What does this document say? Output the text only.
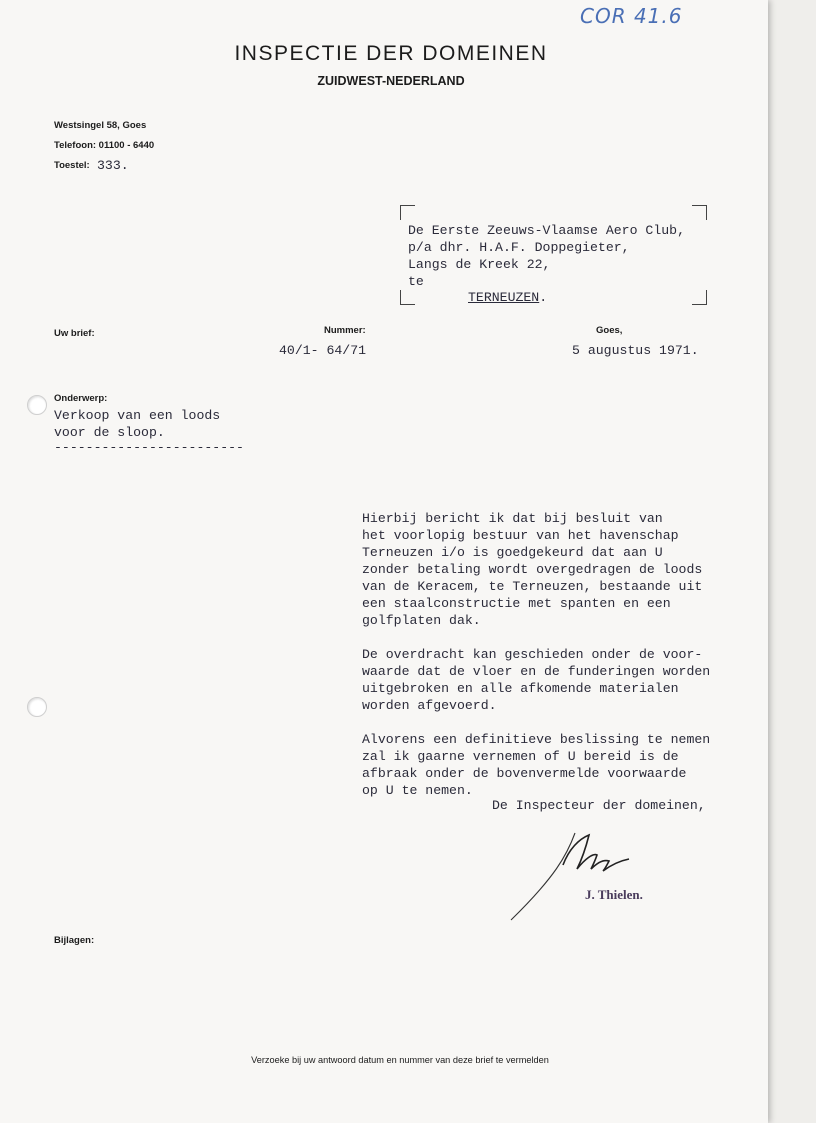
COR 41.6
INSPECTIE DER DOMEINEN
ZUIDWEST-NEDERLAND
Westsingel 58, Goes
Telefoon: 01100 - 6440
Toestel: 333.
De Eerste Zeeuws-Vlaamse Aero Club,
p/a dhr. H.A.F. Doppegieter,
Langs de Kreek 22,
te
TERNEUZEN.
Uw brief:	Nummer:
40/1- 64/71
Goes,
5 augustus 1971.
Onderwerp:
Verkoop van een loods
voor de sloop.
------------------------
Hierbij bericht ik dat bij besluit van
het voorlopig bestuur van het havenschap
Terneuzen i/o is goedgekeurd dat aan U
zonder betaling wordt overgedragen de loods
van de Keracem, te Terneuzen, bestaande uit
een staalconstructie met spanten en een
golfplaten dak.
De overdracht kan geschieden onder de voor-
waarde dat de vloer en de funderingen worden
uitgebroken en alle afkomende materialen
worden afgevoerd.
Alvorens een definitieve beslissing te nemen
zal ik gaarne vernemen of U bereid is de
afbraak onder de bovenvermelde voorwaarde
op U te nemen.
De Inspecteur der domeinen,
J. Thielen.
Bijlagen:
Verzoeke bij uw antwoord datum en nummer van deze brief te vermelden
